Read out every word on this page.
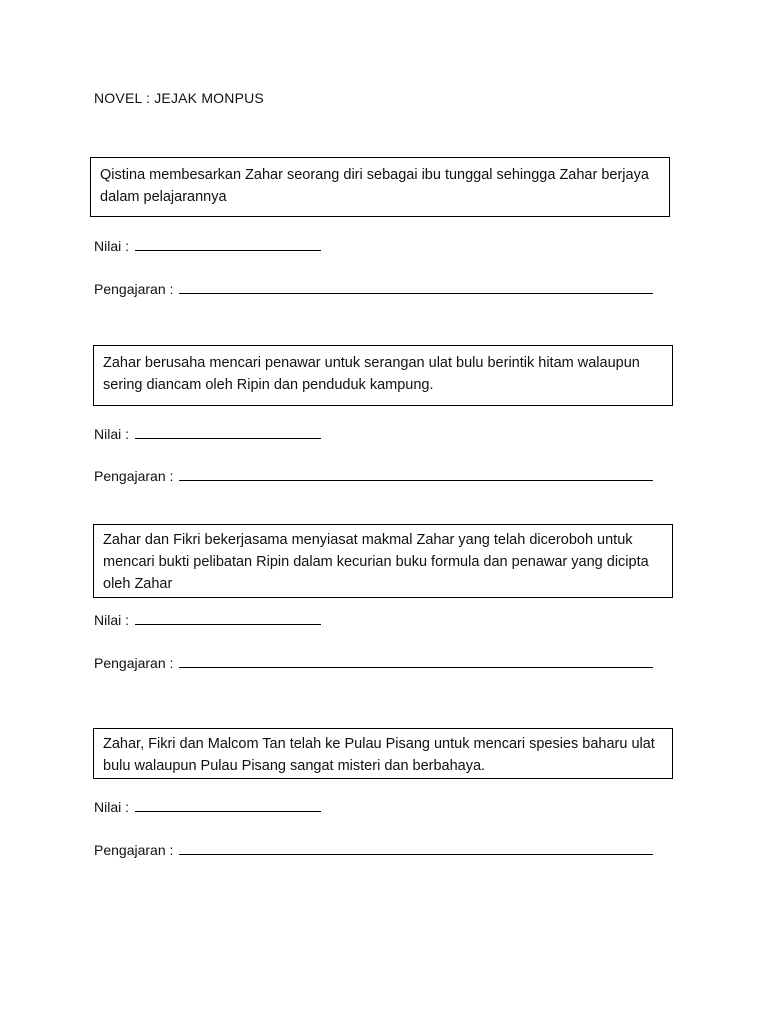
NOVEL : JEJAK MONPUS
Qistina membesarkan Zahar seorang diri sebagai ibu tunggal sehingga Zahar berjaya dalam pelajarannya
Nilai :
Pengajaran :
Zahar berusaha mencari penawar untuk serangan ulat bulu berintik hitam walaupun sering diancam oleh Ripin dan penduduk kampung.
Nilai :
Pengajaran :
Zahar dan Fikri bekerjasama menyiasat makmal Zahar yang telah diceroboh untuk mencari bukti pelibatan Ripin dalam kecurian buku formula dan penawar yang dicipta oleh Zahar
Nilai :
Pengajaran :
Zahar, Fikri dan Malcom Tan telah ke Pulau Pisang untuk mencari spesies baharu ulat bulu walaupun Pulau Pisang sangat misteri dan berbahaya.
Nilai :
Pengajaran :
